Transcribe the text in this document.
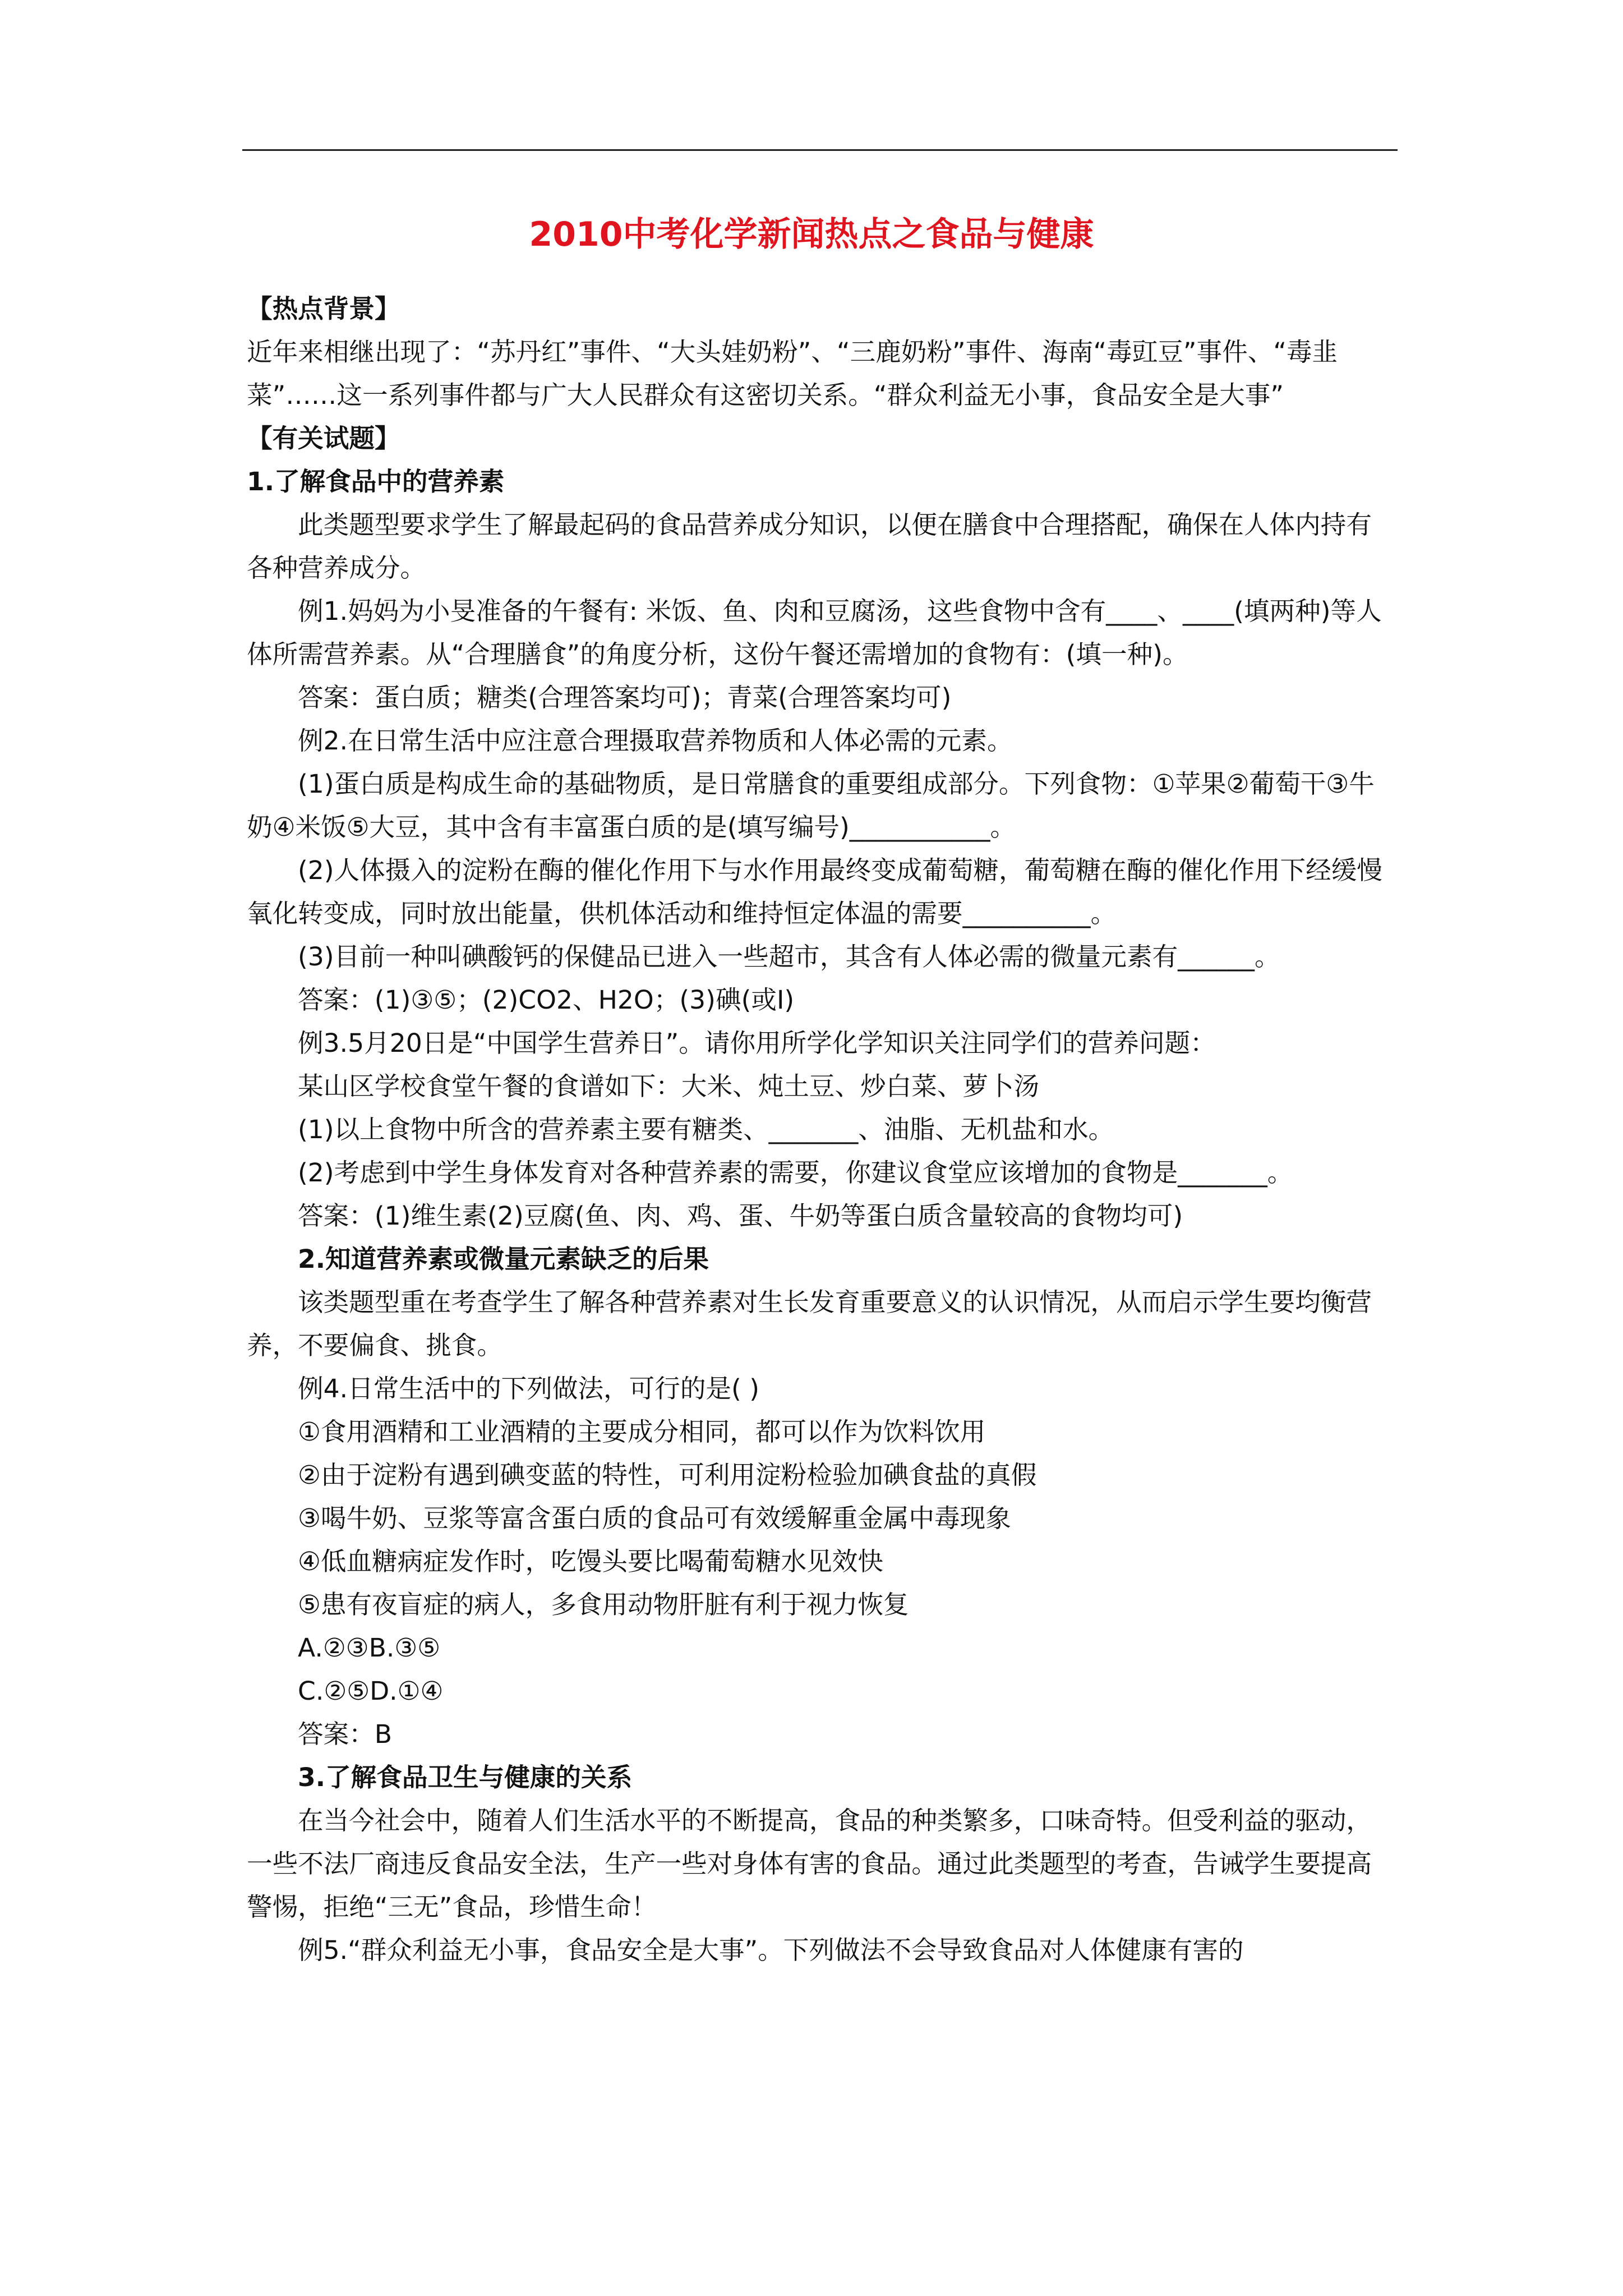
2010中考化学新闻热点之食品与健康

【热点背景】

近年来相继出现了：“苏丹红”事件、“大头娃奶粉”、“三鹿奶粉”事件、海南“毒豇豆”事件、“毒韭菜”……这一系列事件都与广大人民群众有这密切关系。“群众利益无小事，食品安全是大事”

【有关试题】

1.了解食品中的营养素

此类题型要求学生了解最起码的食品营养成分知识，以便在膳食中合理搭配，确保在人体内持有各种营养成分。

例1.妈妈为小旻准备的午餐有: 米饭、鱼、肉和豆腐汤，这些食物中含有____、____(填两种)等人体所需营养素。从“合理膳食”的角度分析，这份午餐还需增加的食物有：(填一种)。

答案：蛋白质；糖类(合理答案均可)；青菜(合理答案均可)

例2.在日常生活中应注意合理摄取营养物质和人体必需的元素。

(1)蛋白质是构成生命的基础物质，是日常膳食的重要组成部分。下列食物：①苹果②葡萄干③牛奶④米饭⑤大豆，其中含有丰富蛋白质的是(填写编号)___________。

(2)人体摄入的淀粉在酶的催化作用下与水作用最终变成葡萄糖，葡萄糖在酶的催化作用下经缓慢氧化转变成，同时放出能量，供机体活动和维持恒定体温的需要__________。

(3)目前一种叫碘酸钙的保健品已进入一些超市，其含有人体必需的微量元素有______。

答案：(1)③⑤；(2)CO2、H2O；(3)碘(或I)

例3.5月20日是“中国学生营养日”。请你用所学化学知识关注同学们的营养问题：

某山区学校食堂午餐的食谱如下：大米、炖土豆、炒白菜、萝卜汤

(1)以上食物中所含的营养素主要有糖类、_______、油脂、无机盐和水。

(2)考虑到中学生身体发育对各种营养素的需要，你建议食堂应该增加的食物是_______。

答案：(1)维生素(2)豆腐(鱼、肉、鸡、蛋、牛奶等蛋白质含量较高的食物均可)

2.知道营养素或微量元素缺乏的后果

该类题型重在考查学生了解各种营养素对生长发育重要意义的认识情况，从而启示学生要均衡营养，不要偏食、挑食。

例4.日常生活中的下列做法，可行的是( )

①食用酒精和工业酒精的主要成分相同，都可以作为饮料饮用

②由于淀粉有遇到碘变蓝的特性，可利用淀粉检验加碘食盐的真假

③喝牛奶、豆浆等富含蛋白质的食品可有效缓解重金属中毒现象

④低血糖病症发作时，吃馒头要比喝葡萄糖水见效快

⑤患有夜盲症的病人，多食用动物肝脏有利于视力恢复

A.②③B.③⑤

C.②⑤D.①④

答案：B

3.了解食品卫生与健康的关系

在当今社会中，随着人们生活水平的不断提高，食品的种类繁多，口味奇特。但受利益的驱动，一些不法厂商违反食品安全法，生产一些对身体有害的食品。通过此类题型的考查，告诫学生要提高警惕，拒绝“三无”食品，珍惜生命！

例5.“群众利益无小事，食品安全是大事”。下列做法不会导致食品对人体健康有害的
